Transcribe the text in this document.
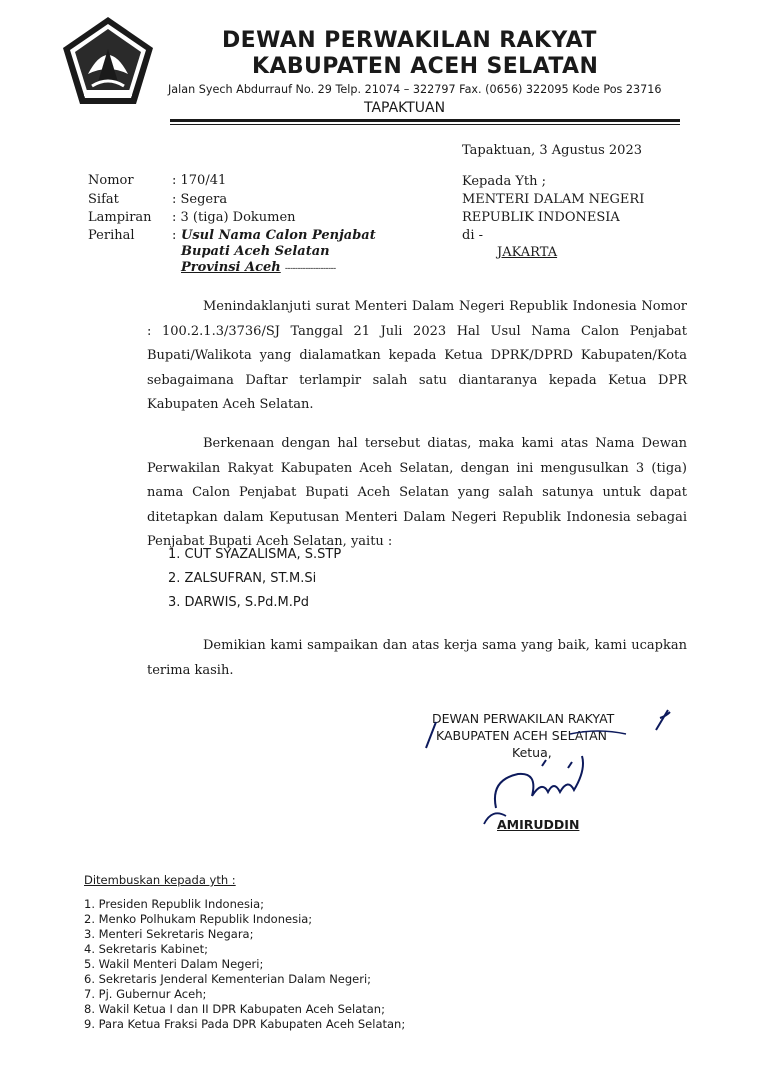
DEWAN PERWAKILAN RAKYAT
KABUPATEN ACEH SELATAN
Jalan Syech Abdurrauf No. 29 Telp. 21074 – 322797 Fax. (0656) 322095 Kode Pos 23716
TAPAKTUAN
Tapaktuan, 3 Agustus 2023
Nomor	: 170/41
Sifat	: Segera
Lampiran : 3 (tiga) Dokumen
Perihal	: Usul Nama Calon Penjabat
Bupati Aceh Selatan
Provinsi Aceh --------------------
Kepada Yth ;
MENTERI DALAM NEGERI
REPUBLIK INDONESIA
di -
JAKARTA
Menindaklanjuti surat Menteri Dalam Negeri Republik Indonesia Nomor : 100.2.1.3/3736/SJ Tanggal 21 Juli 2023 Hal Usul Nama Calon Penjabat Bupati/Walikota yang dialamatkan kepada Ketua DPRK/DPRD Kabupaten/Kota sebagaimana Daftar terlampir salah satu diantaranya kepada Ketua DPR Kabupaten Aceh Selatan.
Berkenaan dengan hal tersebut diatas, maka kami atas Nama Dewan Perwakilan Rakyat Kabupaten Aceh Selatan, dengan ini mengusulkan 3 (tiga) nama Calon Penjabat Bupati Aceh Selatan yang salah satunya untuk dapat ditetapkan dalam Keputusan Menteri Dalam Negeri Republik Indonesia sebagai Penjabat Bupati Aceh Selatan, yaitu :
1. CUT SYAZALISMA, S.STP
2. ZALSUFRAN, ST.M.Si
3. DARWIS, S.Pd.M.Pd
Demikian kami sampaikan dan atas kerja sama yang baik, kami ucapkan terima kasih.
DEWAN PERWAKILAN RAKYAT
KABUPATEN ACEH SELATAN
Ketua,
AMIRUDDIN
Ditembuskan kepada yth :
1. Presiden Republik Indonesia;
2. Menko Polhukam Republik Indonesia;
3. Menteri Sekretaris Negara;
4. Sekretaris Kabinet;
5. Wakil Menteri Dalam Negeri;
6. Sekretaris Jenderal Kementerian Dalam Negeri;
7. Pj. Gubernur Aceh;
8. Wakil Ketua I dan II DPR Kabupaten Aceh Selatan;
9. Para Ketua Fraksi Pada DPR Kabupaten Aceh Selatan;
